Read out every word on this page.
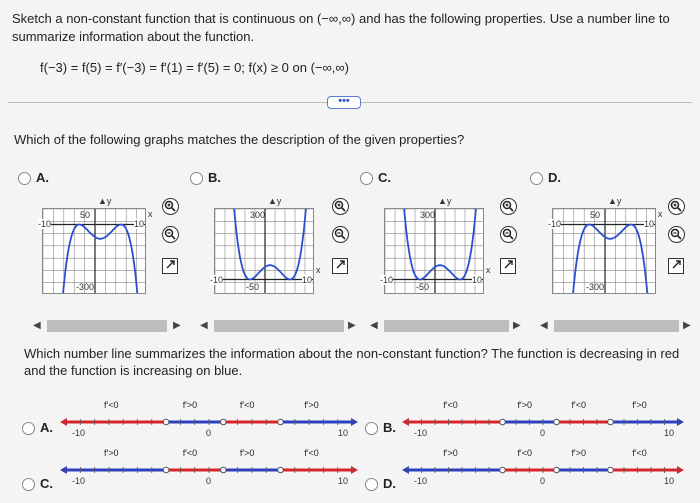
Sketch a non-constant function that is continuous on (−∞,∞) and has the following properties. Use a number line to summarize information about the function.
f(−3) = f(5) = f′(−3) = f′(1) = f′(5) = 0; f(x) ≥ 0 on (−∞,∞)
•••
Which of the following graphs matches the description of the given properties?
A.
50
-300
-10	10
x
▲y
B.
300
-50
-10	10
x
▲y
C.
300
-50
-10	10
x
▲y
D.
50
-300
-10	10
x
▲y
◀	▶ ◀	▶ ◀	▶ ◀	▶
Which number line summarizes the information about the non-constant function? The function is decreasing in red and the function is increasing on blue.
A.
f′<0	f′>0	f′<0	f′>0
-10	0	10	B.
f′<0	f′>0	f′<0	f′>0
-10	0	10
C.
f′>0	f′<0	f′>0	f′<0
-10	0	10	D.
f′>0	f′<0	f′>0	f′<0
-10	0	10
